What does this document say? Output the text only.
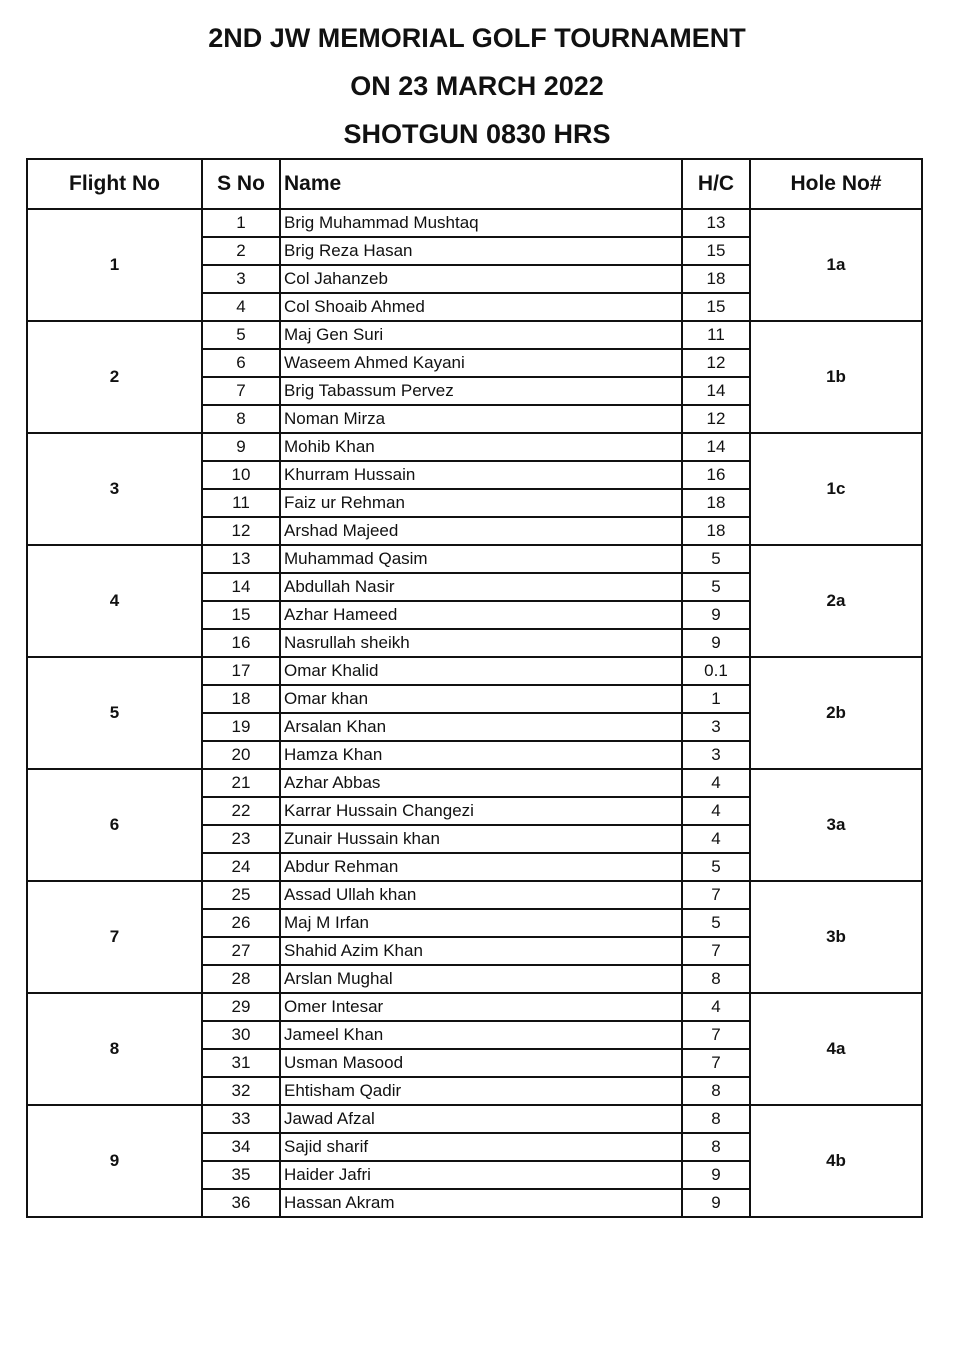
2ND JW MEMORIAL GOLF TOURNAMENT
ON 23 MARCH 2022
SHOTGUN 0830 HRS
Flight No	S No	Name	H/C	Hole No#
1	1	Brig Muhammad Mushtaq	13	1a
	2	Brig Reza Hasan	15	
	3	Col Jahanzeb	18	
	4	Col Shoaib Ahmed	15	
2	5	Maj Gen Suri	11	1b
	6	Waseem Ahmed Kayani	12	
	7	Brig Tabassum Pervez	14	
	8	Noman Mirza	12	
3	9	Mohib Khan	14	1c
	10	Khurram Hussain	16	
	11	Faiz ur Rehman	18	
	12	Arshad Majeed	18	
4	13	Muhammad Qasim	5	2a
	14	Abdullah Nasir	5	
	15	Azhar Hameed	9	
	16	Nasrullah sheikh	9	
5	17	Omar Khalid	0.1	2b
	18	Omar khan	1	
	19	Arsalan Khan	3	
	20	Hamza Khan	3	
6	21	Azhar Abbas	4	3a
	22	Karrar Hussain Changezi	4	
	23	Zunair Hussain khan	4	
	24	Abdur Rehman	5	
7	25	Assad Ullah khan	7	3b
	26	Maj M Irfan	5	
	27	Shahid Azim Khan	7	
	28	Arslan Mughal	8	
8	29	Omer Intesar	4	4a
	30	Jameel Khan	7	
	31	Usman Masood	7	
	32	Ehtisham Qadir	8	
9	33	Jawad Afzal	8	4b
	34	Sajid sharif	8	
	35	Haider Jafri	9	
	36	Hassan Akram	9	
